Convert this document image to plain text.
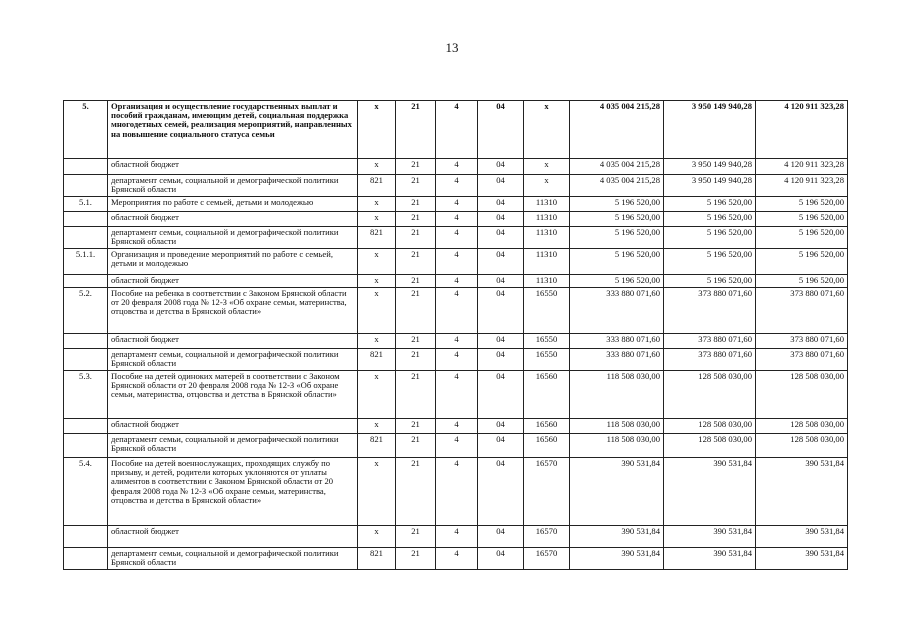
13
5.	Организация и осуществление государственных выплат и пособий гражданам, имеющим детей, социальная поддержка многодетных семей, реализация мероприятий, направленных на повышение социального статуса семьи	x	21	4	04	x	4 035 004 215,28	3 950 149 940,28	4 120 911 323,28
	областной бюджет	x	21	4	04	x	4 035 004 215,28	3 950 149 940,28	4 120 911 323,28
	департамент семьи, социальной и демографической политики Брянской области	821	21	4	04	x	4 035 004 215,28	3 950 149 940,28	4 120 911 323,28
5.1.	Мероприятия по работе с семьей, детьми и молодежью	x	21	4	04	11310	5 196 520,00	5 196 520,00	5 196 520,00
	областной бюджет	x	21	4	04	11310	5 196 520,00	5 196 520,00	5 196 520,00
	департамент семьи, социальной и демографической политики Брянской области	821	21	4	04	11310	5 196 520,00	5 196 520,00	5 196 520,00
5.1.1.	Организация и проведение мероприятий по работе с семьей, детьми и молодежью	x	21	4	04	11310	5 196 520,00	5 196 520,00	5 196 520,00
	областной бюджет	x	21	4	04	11310	5 196 520,00	5 196 520,00	5 196 520,00
5.2.	Пособие на ребенка в соответствии с Законом Брянской области от 20 февраля 2008 года № 12-З «Об охране семьи, материнства, отцовства и детства в Брянской области»	x	21	4	04	16550	333 880 071,60	373 880 071,60	373 880 071,60
	областной бюджет	x	21	4	04	16550	333 880 071,60	373 880 071,60	373 880 071,60
	департамент семьи, социальной и демографической политики Брянской области	821	21	4	04	16550	333 880 071,60	373 880 071,60	373 880 071,60
5.3.	Пособие на детей одиноких матерей в соответствии с Законом Брянской области от 20 февраля 2008 года № 12-З «Об охране семьи, материнства, отцовства и детства в Брянской области»	x	21	4	04	16560	118 508 030,00	128 508 030,00	128 508 030,00
	областной бюджет	x	21	4	04	16560	118 508 030,00	128 508 030,00	128 508 030,00
	департамент семьи, социальной и демографической политики Брянской области	821	21	4	04	16560	118 508 030,00	128 508 030,00	128 508 030,00
5.4.	Пособие на детей военнослужащих, проходящих службу по призыву, и детей, родители которых уклоняются от уплаты алиментов в соответствии с Законом Брянской области от 20 февраля 2008 года № 12-З «Об охране семьи, материнства, отцовства и детства в Брянской области»	x	21	4	04	16570	390 531,84	390 531,84	390 531,84
	областной бюджет	x	21	4	04	16570	390 531,84	390 531,84	390 531,84
	департамент семьи, социальной и демографической политики Брянской области	821	21	4	04	16570	390 531,84	390 531,84	390 531,84
